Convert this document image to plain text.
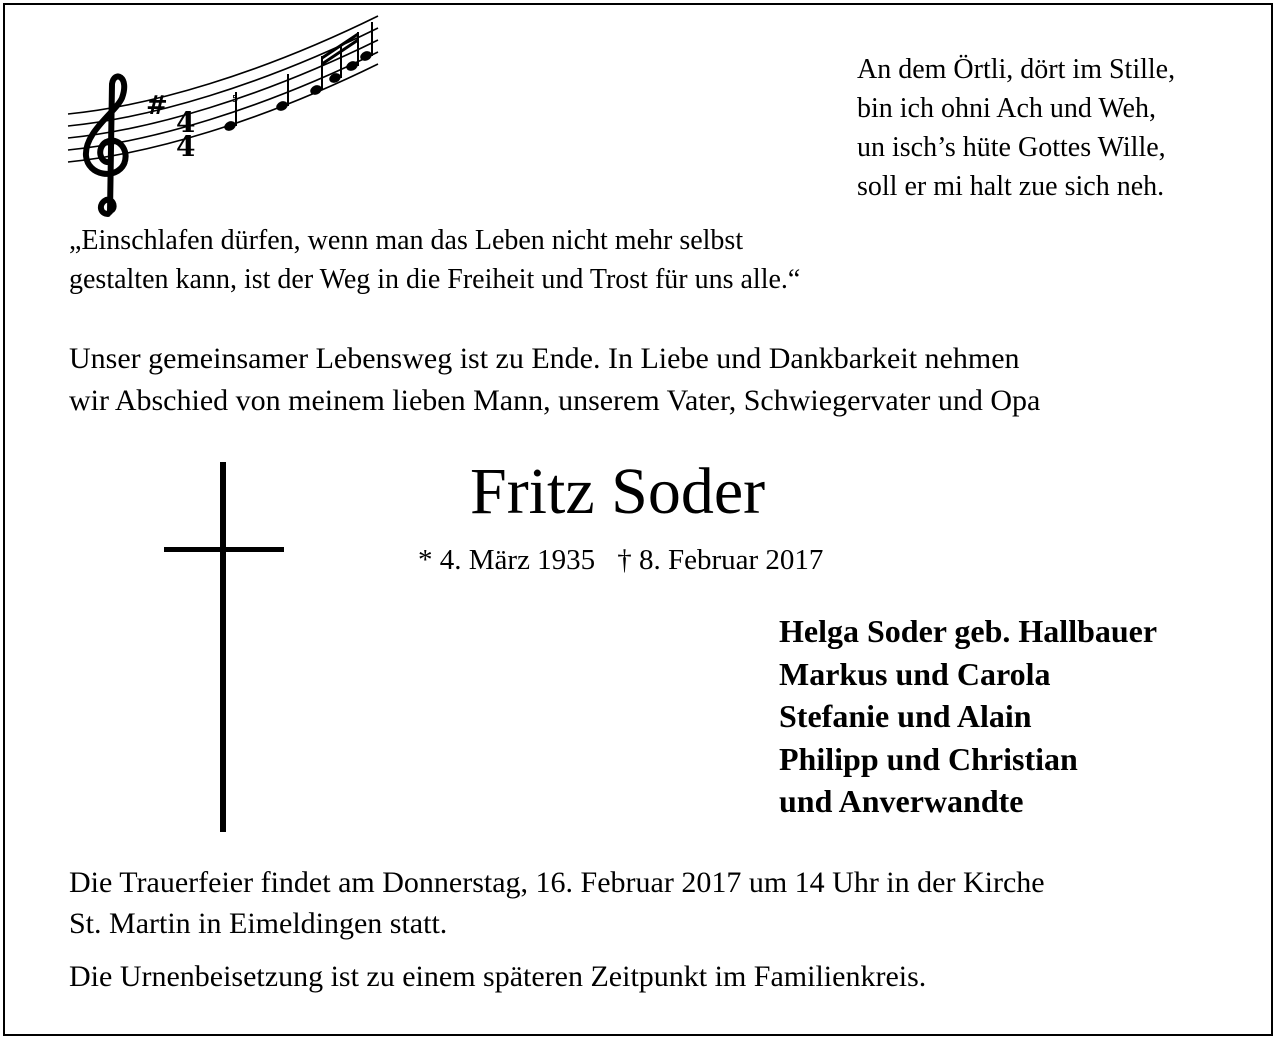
# 4
4
5
An dem Örtli, dört im Stille,
bin ich ohni Ach und Weh,
un isch’s hüte Gottes Wille,
soll er mi halt zue sich neh.
„Einschlafen dürfen, wenn man das Leben nicht mehr selbst
gestalten kann, ist der Weg in die Freiheit und Trost für uns alle.“
Unser gemeinsamer Lebensweg ist zu Ende. In Liebe und Dankbarkeit nehmen
wir Abschied von meinem lieben Mann, unserem Vater, Schwiegervater und Opa
Fritz Soder
* 4. März 1935 † 8. Februar 2017
Helga Soder geb. Hallbauer
Markus und Carola
Stefanie und Alain
Philipp und Christian
und Anverwandte
Die Trauerfeier findet am Donnerstag, 16. Februar 2017 um 14 Uhr in der Kirche
St. Martin in Eimeldingen statt.
Die Urnenbeisetzung ist zu einem späteren Zeitpunkt im Familienkreis.
